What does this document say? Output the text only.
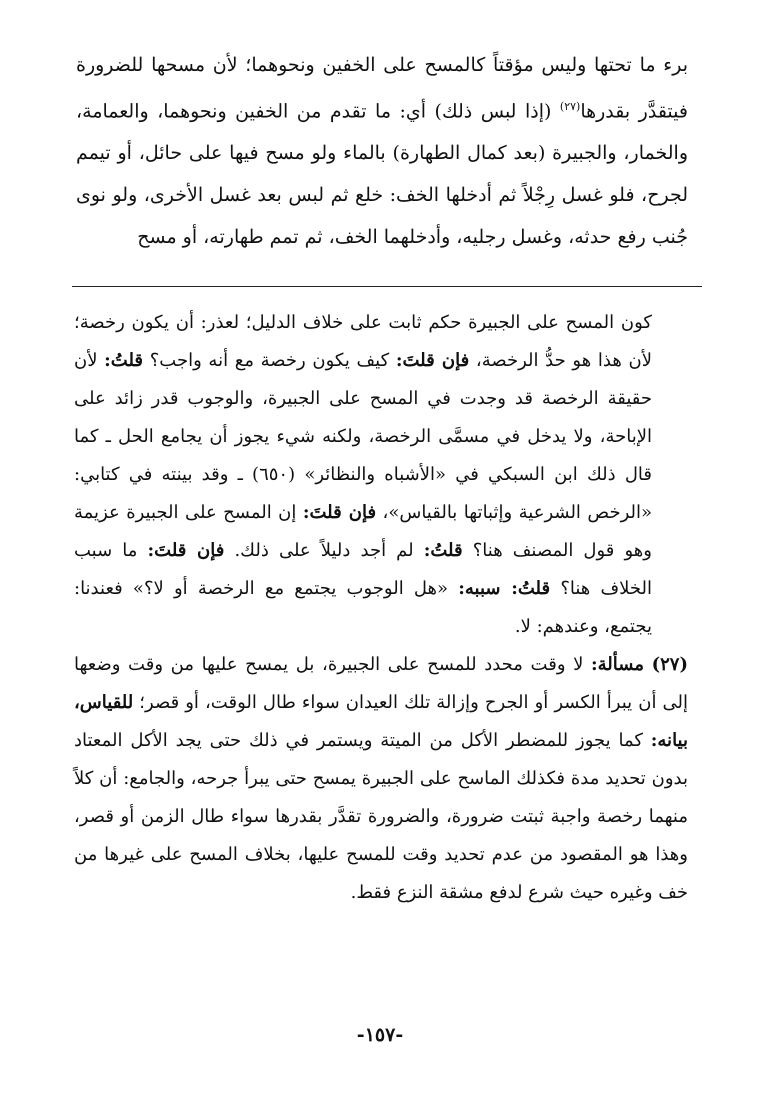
برء ما تحتها وليس مؤقتاً كالمسح على الخفين ونحوهما؛ لأن مسحها للضرورة فيتقدَّر بقدرها$^{(٢٧)}$ (إذا لبس ذلك) أي: ما تقدم من الخفين ونحوهما، والعمامة، والخمار، والجبيرة (بعد كمال الطهارة) بالماء ولو مسح فيها على حائل، أو تيمم لجرح، فلو غسل رِجْلاً ثم أدخلها الخف: خلع ثم لبس بعد غسل الأخرى، ولو نوى جُنب رفع حدثه، وغسل رجليه، وأدخلهما الخف، ثم تمم طهارته، أو مسح

كون المسح على الجبيرة حكم ثابت على خلاف الدليل؛ لعذر: أن يكون رخصة؛ لأن هذا هو حدُّ الرخصة، فإن قلتَ: كيف يكون رخصة مع أنه واجب؟ قلتُ: لأن حقيقة الرخصة قد وجدت في المسح على الجبيرة، والوجوب قدر زائد على الإباحة، ولا يدخل في مسمَّى الرخصة، ولكنه شيء يجوز أن يجامع الحل ـ كما قال ذلك ابن السبكي في «الأشباه والنظائر» (٦٥٠) ـ وقد بينته في كتابي: «الرخص الشرعية وإثباتها بالقياس»، فإن قلتَ: إن المسح على الجبيرة عزيمة وهو قول المصنف هنا؟ قلتُ: لم أجد دليلاً على ذلك. فإن قلتَ: ما سبب الخلاف هنا؟ قلتُ: سببه: «هل الوجوب يجتمع مع الرخصة أو لا؟» فعندنا: يجتمع، وعندهم: لا.

(٢٧) مسألة: لا وقت محدد للمسح على الجبيرة، بل يمسح عليها من وقت وضعها إلى أن يبرأ الكسر أو الجرح وإزالة تلك العيدان سواء طال الوقت، أو قصر؛ للقياس، بيانه: كما يجوز للمضطر الأكل من الميتة ويستمر في ذلك حتى يجد الأكل المعتاد بدون تحديد مدة فكذلك الماسح على الجبيرة يمسح حتى يبرأ جرحه، والجامع: أن كلاً منهما رخصة واجبة ثبتت ضرورة، والضرورة تقدَّر بقدرها سواء طال الزمن أو قصر، وهذا هو المقصود من عدم تحديد وقت للمسح عليها، بخلاف المسح على غيرها من خف وغيره حيث شرع لدفع مشقة النزع فقط.

-١٥٧-
